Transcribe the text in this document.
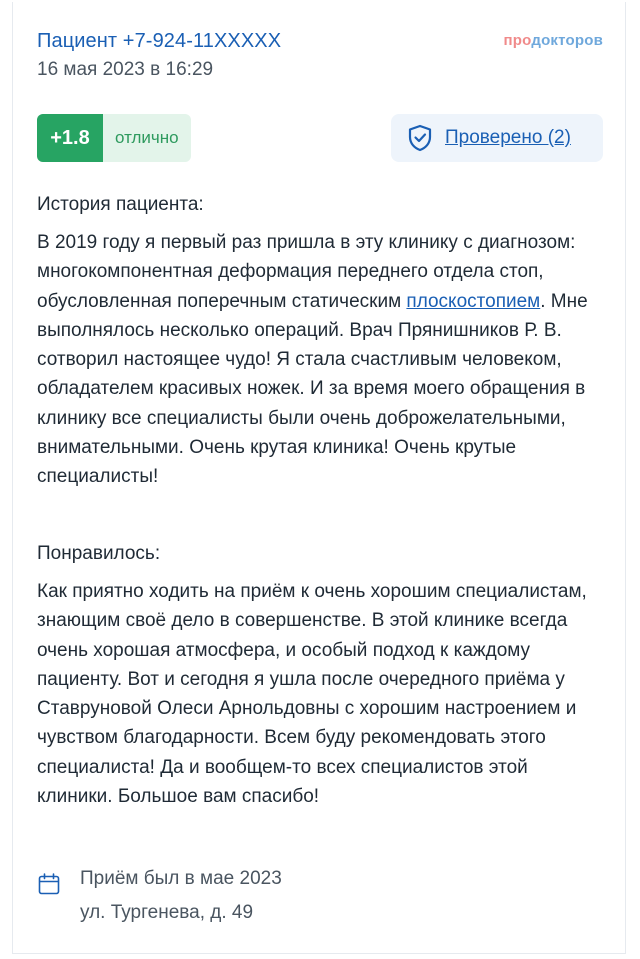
Пациент +7-924-11XXXXX
16 мая 2023 в 16:29
продокторов
+1.8	отлично	Проверено (2)
История пациента:
В 2019 году я первый раз пришла в эту клинику с диагнозом: многокомпонентная деформация переднего отдела стоп, обусловленная поперечным статическим плоскостопием. Мне выполнялось несколько операций. Врач Прянишников Р. В. сотворил настоящее чудо! Я стала счастливым человеком, обладателем красивых ножек. И за время моего обращения в клинику все специалисты были очень доброжелательными, внимательными. Очень крутая клиника! Очень крутые специалисты!
Понравилось:
Как приятно ходить на приём к очень хорошим специалистам, знающим своё дело в совершенстве. В этой клинике всегда очень хорошая атмосфера, и особый подход к каждому пациенту. Вот и сегодня я ушла после очередного приёма у Ставруновой Олеси Арнольдовны с хорошим настроением и чувством благодарности. Всем буду рекомендовать этого специалиста! Да и вообщем-то всех специалистов этой клиники. Большое вам спасибо!
Приём был в мае 2023
ул. Тургенева, д. 49
